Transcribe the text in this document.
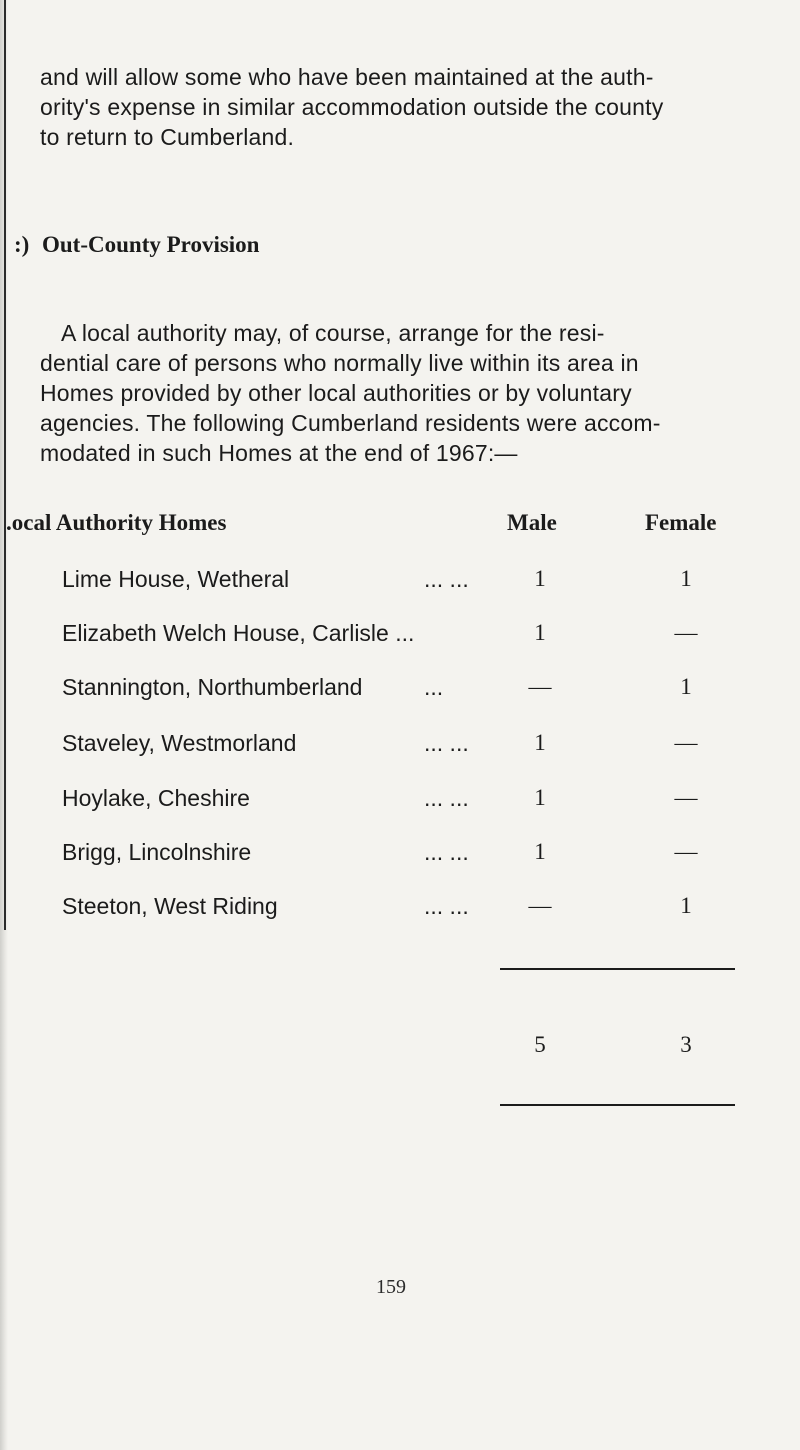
and will allow some who have been maintained at the auth-
ority's expense in similar accommodation outside the county
to return to Cumberland.
:) Out-County Provision
A local authority may, of course, arrange for the resi-
dential care of persons who normally live within its area in
Homes provided by other local authorities or by voluntary
agencies. The following Cumberland residents were accom-
modated in such Homes at the end of 1967:—
.ocal Authority Homes	Male	Female
Lime House, Wetheral	... ...	1	1
Elizabeth Welch House, Carlisle ...	1	—
Stannington, Northumberland	...	—	1
Staveley, Westmorland	... ...	1	—
Hoylake, Cheshire	... ...	1	—
Brigg, Lincolnshire	... ...	1	—
Steeton, West Riding	... ...	—	1
5	3
159
